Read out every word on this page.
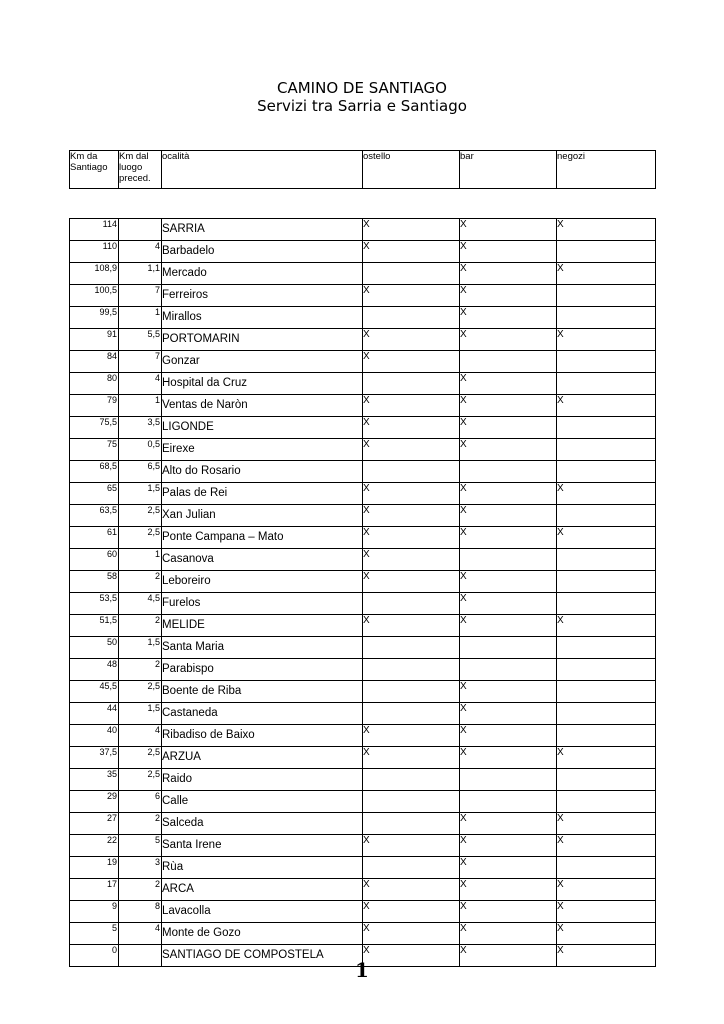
CAMINO DE SANTIAGO
Servizi tra Sarria e Santiago
Km da Santiago	Km dal luogo preced.	ocalità	ostello	bar	negozi
114		SARRIA	X	X	X
110	4	Barbadelo	X	X	
108,9	1,1	Mercado		X	X
100,5	7	Ferreiros	X	X	
99,5	1	Mirallos		X	
91	5,5	PORTOMARIN	X	X	X
84	7	Gonzar	X		
80	4	Hospital da Cruz		X	
79	1	Ventas de Naròn	X	X	X
75,5	3,5	LIGONDE	X	X	
75	0,5	Eirexe	X	X	
68,5	6,5	Alto do Rosario			
65	1,5	Palas de Rei	X	X	X
63,5	2,5	Xan Julian	X	X	
61	2,5	Ponte Campana – Mato	X	X	X
60	1	Casanova	X		
58	2	Leboreiro	X	X	
53,5	4,5	Furelos		X	
51,5	2	MELIDE	X	X	X
50	1,5	Santa Maria			
48	2	Parabispo			
45,5	2,5	Boente de Riba		X	
44	1,5	Castaneda		X	
40	4	Ribadiso de Baixo	X	X	
37,5	2,5	ARZUA	X	X	X
35	2,5	Raido			
29	6	Calle			
27	2	Salceda		X	X
22	5	Santa Irene	X	X	X
19	3	Rùa		X	
17	2	ARCA	X	X	X
9	8	Lavacolla	X	X	X
5	4	Monte de Gozo	X	X	X
0		SANTIAGO DE COMPOSTELA	X	X	X
1
